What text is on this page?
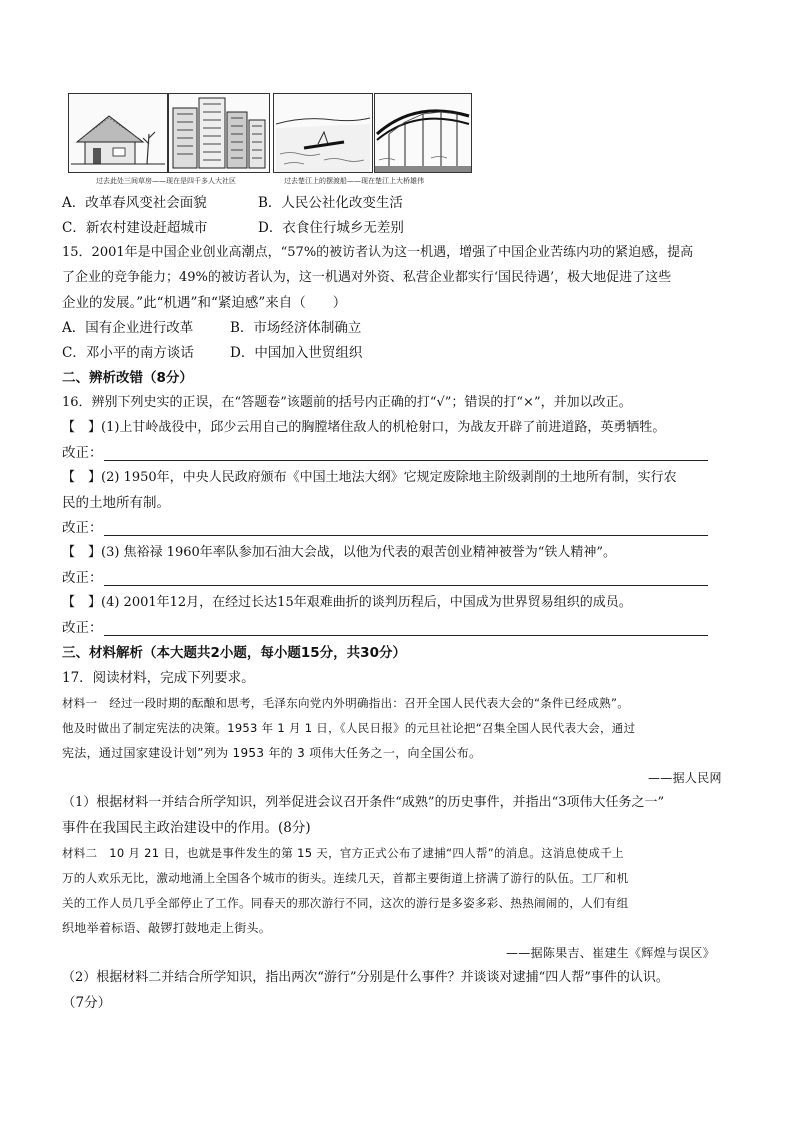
过去此处三间草房——现在是四千多人大社区	过去楚江上的摆渡船——现在楚江上大桥雄伟
A．改革春风变社会面貌	B．人民公社化改变生活
C．新农村建设赶超城市	D．衣食住行城乡无差别
15．2001年是中国企业创业高潮点，“57%的被访者认为这一机遇，增强了中国企业苦练内功的紧迫感，提高
了企业的竞争能力；49%的被访者认为，这一机遇对外资、私营企业都实行‘国民待遇’，极大地促进了这些
企业的发展。”此“机遇”和“紧迫感”来自（　　）
A．国有企业进行改革	B．市场经济体制确立
C．邓小平的南方谈话	D．中国加入世贸组织
二、辨析改错（8分）
16．辨别下列史实的正误，在“答题卷”该题前的括号内正确的打“√”；错误的打“×”，并加以改正。
【　】(1)上甘岭战役中，邱少云用自己的胸膛堵住敌人的机枪射口，为战友开辟了前进道路，英勇牺牲。
改正：
【　】(2) 1950年，中央人民政府颁布《中国土地法大纲》它规定废除地主阶级剥削的土地所有制，实行农
民的土地所有制。
改正：
【　】(3) 焦裕禄 1960年率队参加石油大会战，以他为代表的艰苦创业精神被誉为“铁人精神”。
改正：
【　】(4) 2001年12月，在经过长达15年艰难曲折的谈判历程后，中国成为世界贸易组织的成员。
改正：
三、材料解析（本大题共2小题，每小题15分，共30分）
17．阅读材料，完成下列要求。
材料一　经过一段时期的酝酿和思考，毛泽东向党内外明确指出：召开全国人民代表大会的“条件已经成熟”。
他及时做出了制定宪法的决策。1953 年 1 月 1 日，《人民日报》的元旦社论把“召集全国人民代表大会，通过
宪法，通过国家建设计划”列为 1953 年的 3 项伟大任务之一，向全国公布。
——据人民网
（1）根据材料一并结合所学知识，列举促进会议召开条件“成熟”的历史事件，并指出“3项伟大任务之一”
事件在我国民主政治建设中的作用。(8分)
材料二　10 月 21 日，也就是事件发生的第 15 天，官方正式公布了逮捕“四人帮”的消息。这消息使成千上
万的人欢乐无比，激动地涌上全国各个城市的街头。连续几天，首都主要街道上挤满了游行的队伍。工厂和机
关的工作人员几乎全部停止了工作。同春天的那次游行不同，这次的游行是多姿多彩、热热闹闹的，人们有组
织地举着标语、敲锣打鼓地走上街头。
——据陈果吉、崔建生《辉煌与误区》
（2）根据材料二并结合所学知识，指出两次“游行”分别是什么事件？并谈谈对逮捕“四人帮”事件的认识。
（7分）
